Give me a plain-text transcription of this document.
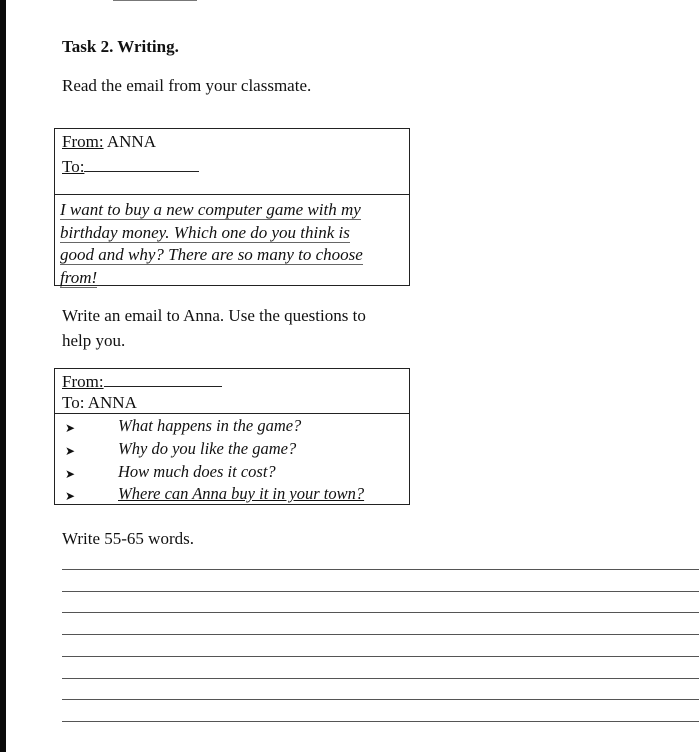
Task 2. Writing.
Read the email from your classmate.
From: ANNA
To:
I want to buy a new computer game with my
birthday money. Which one do you think is
good and why? There are so many to choose
from!
Write an email to Anna. Use the questions to
help you.
From:
To: ANNA
➤	What happens in the game?
➤	Why do you like the game?
➤	How much does it cost?
➤	Where can Anna buy it in your town?
Write 55-65 words.
